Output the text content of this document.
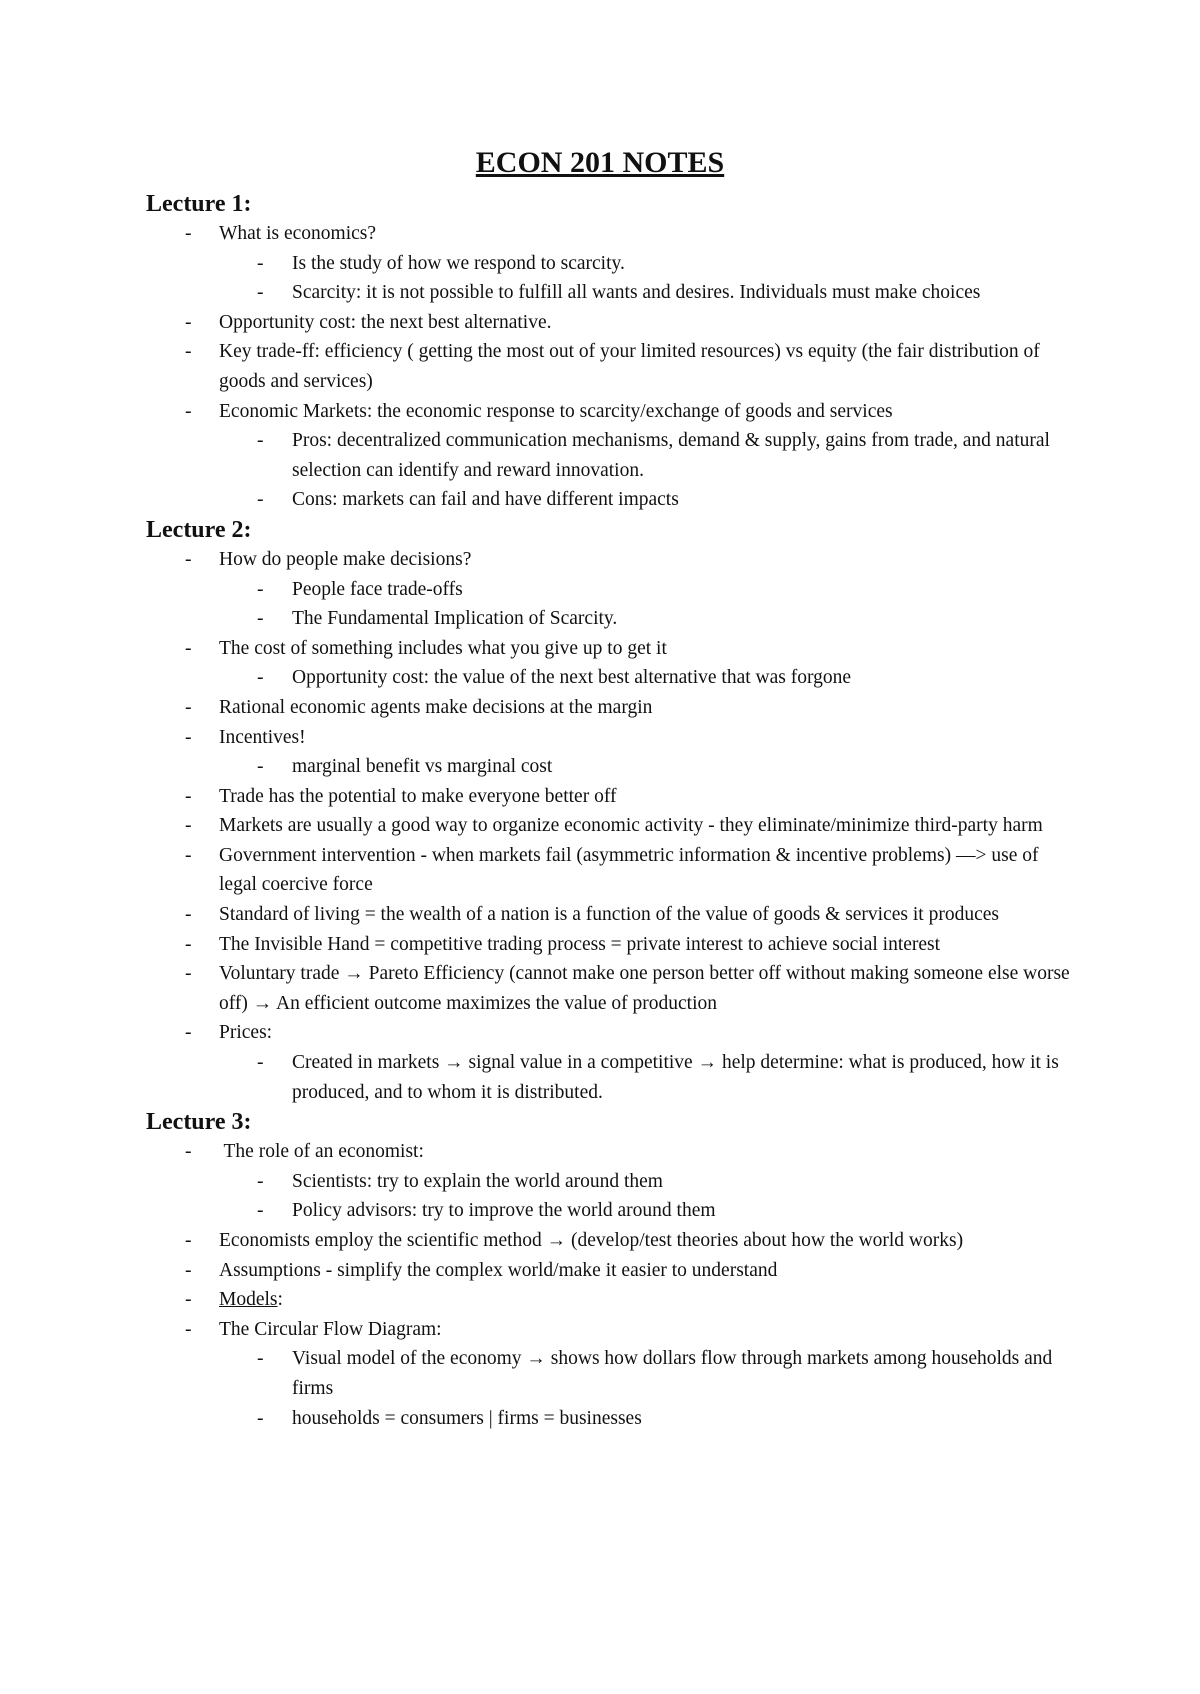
ECON 201 NOTES
Lecture 1:
- What is economics?
- Is the study of how we respond to scarcity.
- Scarcity: it is not possible to fulfill all wants and desires. Individuals must make choices
- Opportunity cost: the next best alternative.
- Key trade-ff: efficiency ( getting the most out of your limited resources) vs equity (the fair distribution of goods and services)
- Economic Markets: the economic response to scarcity/exchange of goods and services
- Pros: decentralized communication mechanisms, demand & supply, gains from trade, and natural selection can identify and reward innovation.
- Cons: markets can fail and have different impacts
Lecture 2:
- How do people make decisions?
- People face trade-offs
- The Fundamental Implication of Scarcity.
- The cost of something includes what you give up to get it
- Opportunity cost: the value of the next best alternative that was forgone
- Rational economic agents make decisions at the margin
- Incentives!
- marginal benefit vs marginal cost
- Trade has the potential to make everyone better off
- Markets are usually a good way to organize economic activity - they eliminate/minimize third-party harm
- Government intervention - when markets fail (asymmetric information & incentive problems) —> use of legal coercive force
- Standard of living = the wealth of a nation is a function of the value of goods & services it produces
- The Invisible Hand = competitive trading process = private interest to achieve social interest
- Voluntary trade → Pareto Efficiency (cannot make one person better off without making someone else worse off) → An efficient outcome maximizes the value of production
- Prices:
- Created in markets → signal value in a competitive → help determine: what is produced, how it is produced, and to whom it is distributed.
Lecture 3:
- The role of an economist:
- Scientists: try to explain the world around them
- Policy advisors: try to improve the world around them
- Economists employ the scientific method → (develop/test theories about how the world works)
- Assumptions - simplify the complex world/make it easier to understand
- Models:
- The Circular Flow Diagram:
- Visual model of the economy → shows how dollars flow through markets among households and firms
- households = consumers | firms = businesses
